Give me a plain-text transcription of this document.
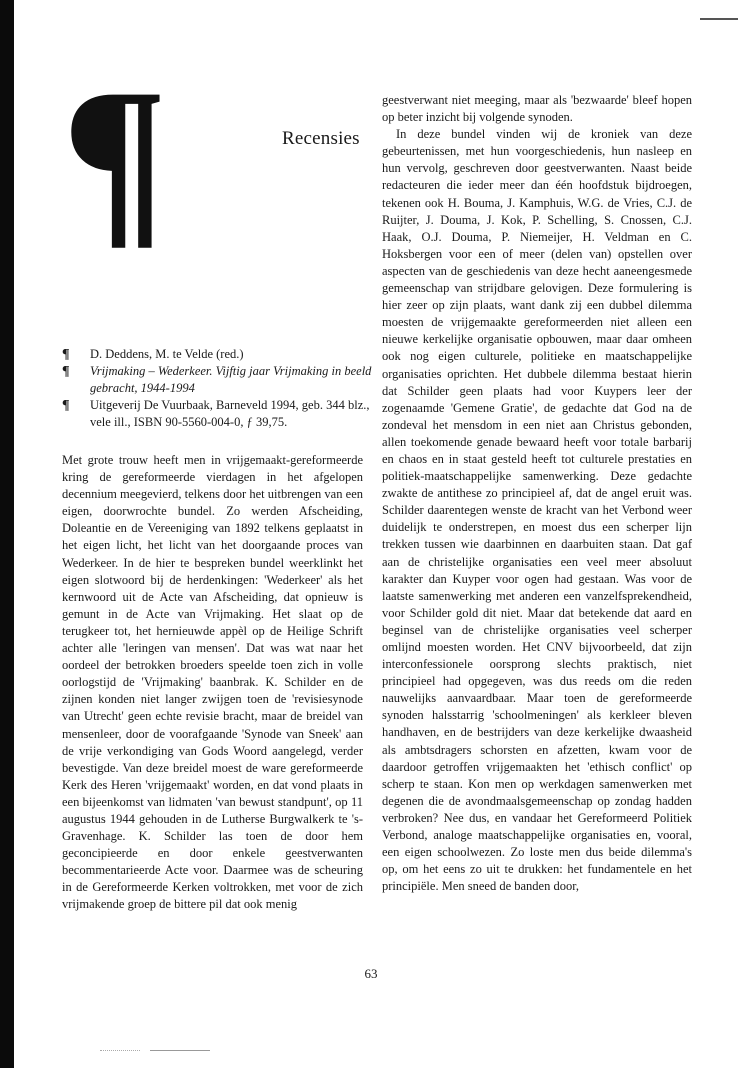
¶	Recensies
¶	D. Deddens, M. te Velde (red.)
¶	Vrijmaking – Wederkeer. Vijftig jaar Vrijmaking in beeld gebracht, 1944-1994
¶	Uitgeverij De Vuurbaak, Barneveld 1994, geb. 344 blz., vele ill., ISBN 90-5560-004-0, ƒ 39,75.

Met grote trouw heeft men in vrijgemaakt-gereformeerde kring de gereformeerde vierdagen in het afgelopen decennium meegevierd, telkens door het uitbrengen van een eigen, doorwrochte bundel. Zo werden Afscheiding, Doleantie en de Vereeniging van 1892 telkens geplaatst in het eigen licht, het licht van het doorgaande proces van Wederkeer. In de hier te bespreken bundel weerklinkt het eigen slotwoord bij de herdenkingen: 'Wederkeer' als het kernwoord uit de Acte van Afscheiding, dat opnieuw is gemunt in de Acte van Vrijmaking. Het slaat op de terugkeer tot, het hernieuwde appèl op de Heilige Schrift achter alle 'leringen van mensen'. Dat was wat naar het oordeel der betrokken broeders speelde toen zich in volle oorlogstijd de 'Vrijmaking' baanbrak. K. Schilder en de zijnen konden niet langer zwijgen toen de 'revisiesynode van Utrecht' geen echte revisie bracht, maar de breidel van mensenleer, door de voorafgaande 'Synode van Sneek' aan de vrije verkondiging van Gods Woord aangelegd, verder bevestigde. Van deze breidel moest de ware gereformeerde Kerk des Heren 'vrijgemaakt' worden, en dat vond plaats in een bijeenkomst van lidmaten 'van bewust standpunt', op 11 augustus 1944 gehouden in de Lutherse Burgwalkerk te 's-Gravenhage. K. Schilder las toen de door hem geconcipieerde en door enkele geestverwanten becommentarieerde Acte voor. Daarmee was de scheuring in de Gereformeerde Kerken voltrokken, met voor de zich vrijmakende groep de bittere pil dat ook menig

geestverwant niet meeging, maar als 'bezwaarde' bleef hopen op beter inzicht bij volgende synoden.

In deze bundel vinden wij de kroniek van deze gebeurtenissen, met hun voorgeschiedenis, hun nasleep en hun vervolg, geschreven door geestverwanten. Naast beide redacteuren die ieder meer dan één hoofdstuk bijdroegen, tekenen ook H. Bouma, J. Kamphuis, W.G. de Vries, C.J. de Ruijter, J. Douma, J. Kok, P. Schelling, S. Cnossen, C.J. Haak, O.J. Douma, P. Niemeijer, H. Veldman en C. Hoksbergen voor een of meer (delen van) opstellen over aspecten van de geschiedenis van deze hecht aaneengesmede gemeenschap van strijdbare gelovigen. Deze formulering is hier zeer op zijn plaats, want dank zij een dubbel dilemma moesten de vrijgemaakte gereformeerden niet alleen een nieuwe kerkelijke organisatie opbouwen, maar daar omheen ook nog eigen culturele, politieke en maatschappelijke organisaties oprichten. Het dubbele dilemma bestaat hierin dat Schilder geen plaats had voor Kuypers leer der zogenaamde 'Gemene Gratie', de gedachte dat God na de zondeval het mensdom in een niet aan Christus gebonden, allen toekomende genade bewaard heeft voor totale barbarij en chaos en in staat gesteld heeft tot culturele prestaties en politiek-maatschappelijke samenwerking. Deze gedachte zwakte de antithese zo principieel af, dat de angel eruit was. Schilder daarentegen wenste de kracht van het Verbond weer duidelijk te onderstrepen, en moest dus een scherper lijn trekken tussen wie daarbinnen en daarbuiten staan. Dat gaf aan de christelijke organisaties een veel meer absoluut karakter dan Kuyper voor ogen had gestaan. Was voor de laatste samenwerking met anderen een vanzelfsprekendheid, voor Schilder gold dit niet. Maar dat betekende dat aard en beginsel van de christelijke organisaties veel scherper omlijnd moesten worden. Het CNV bijvoorbeeld, dat zijn interconfessionele oorsprong slechts praktisch, niet principieel had opgegeven, was dus reeds om die reden nauwelijks aanvaardbaar. Maar toen de gereformeerde synoden halsstarrig 'schoolmeningen' als kerkleer bleven handhaven, en de bestrijders van deze kerkelijke dwaasheid als ambtsdragers schorsten en afzetten, kwam voor de daardoor getroffen vrijgemaakten het 'ethisch conflict' op scherp te staan. Kon men op werkdagen samenwerken met degenen die de avondmaalsgemeenschap op zondag hadden verbroken? Nee dus, en vandaar het Gereformeerd Politiek Verbond, analoge maatschappelijke organisaties en, vooral, een eigen schoolwezen. Zo loste men dus beide dilemma's op, om het eens zo uit te drukken: het fundamentele en het principiële. Men sneed de banden door,

63
